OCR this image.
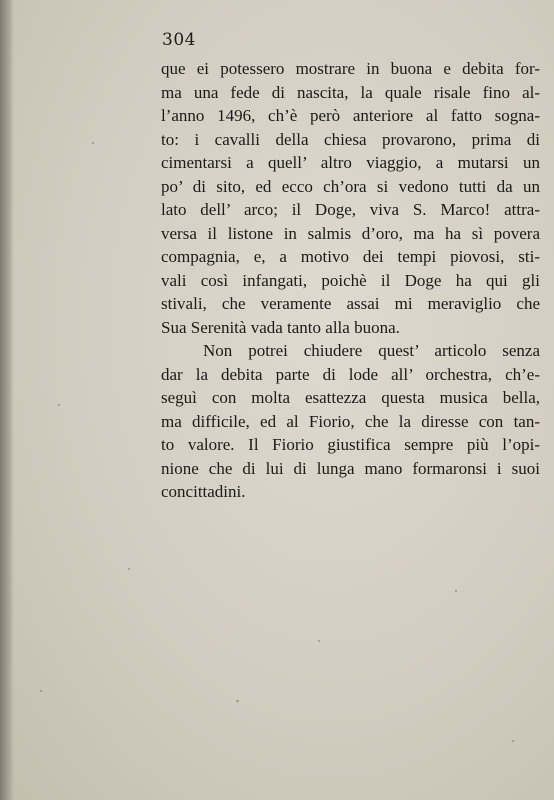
304
que ei potessero mostrare in buona e debita for-
ma una fede di nascita, la quale risale fino al-
l’anno 1496, ch’è però anteriore al fatto sogna-
to: i cavalli della chiesa provarono, prima di
cimentarsi a quell’ altro viaggio, a mutarsi un
po’ di sito, ed ecco ch’ora si vedono tutti da un
lato dell’ arco; il Doge, viva S. Marco! attra-
versa il listone in salmis d’oro, ma ha sì povera
compagnia, e, a motivo dei tempi piovosi, sti-
vali così infangati, poichè il Doge ha qui gli
stivali, che veramente assai mi meraviglio che
Sua Serenità vada tanto alla buona.
Non potrei chiudere quest’ articolo senza
dar la debita parte di lode all’ orchestra, ch’e-
seguì con molta esattezza questa musica bella,
ma difficile, ed al Fiorio, che la diresse con tan-
to valore. Il Fiorio giustifica sempre più l’opi-
nione che di lui di lunga mano formaronsi i suoi
concittadini.
